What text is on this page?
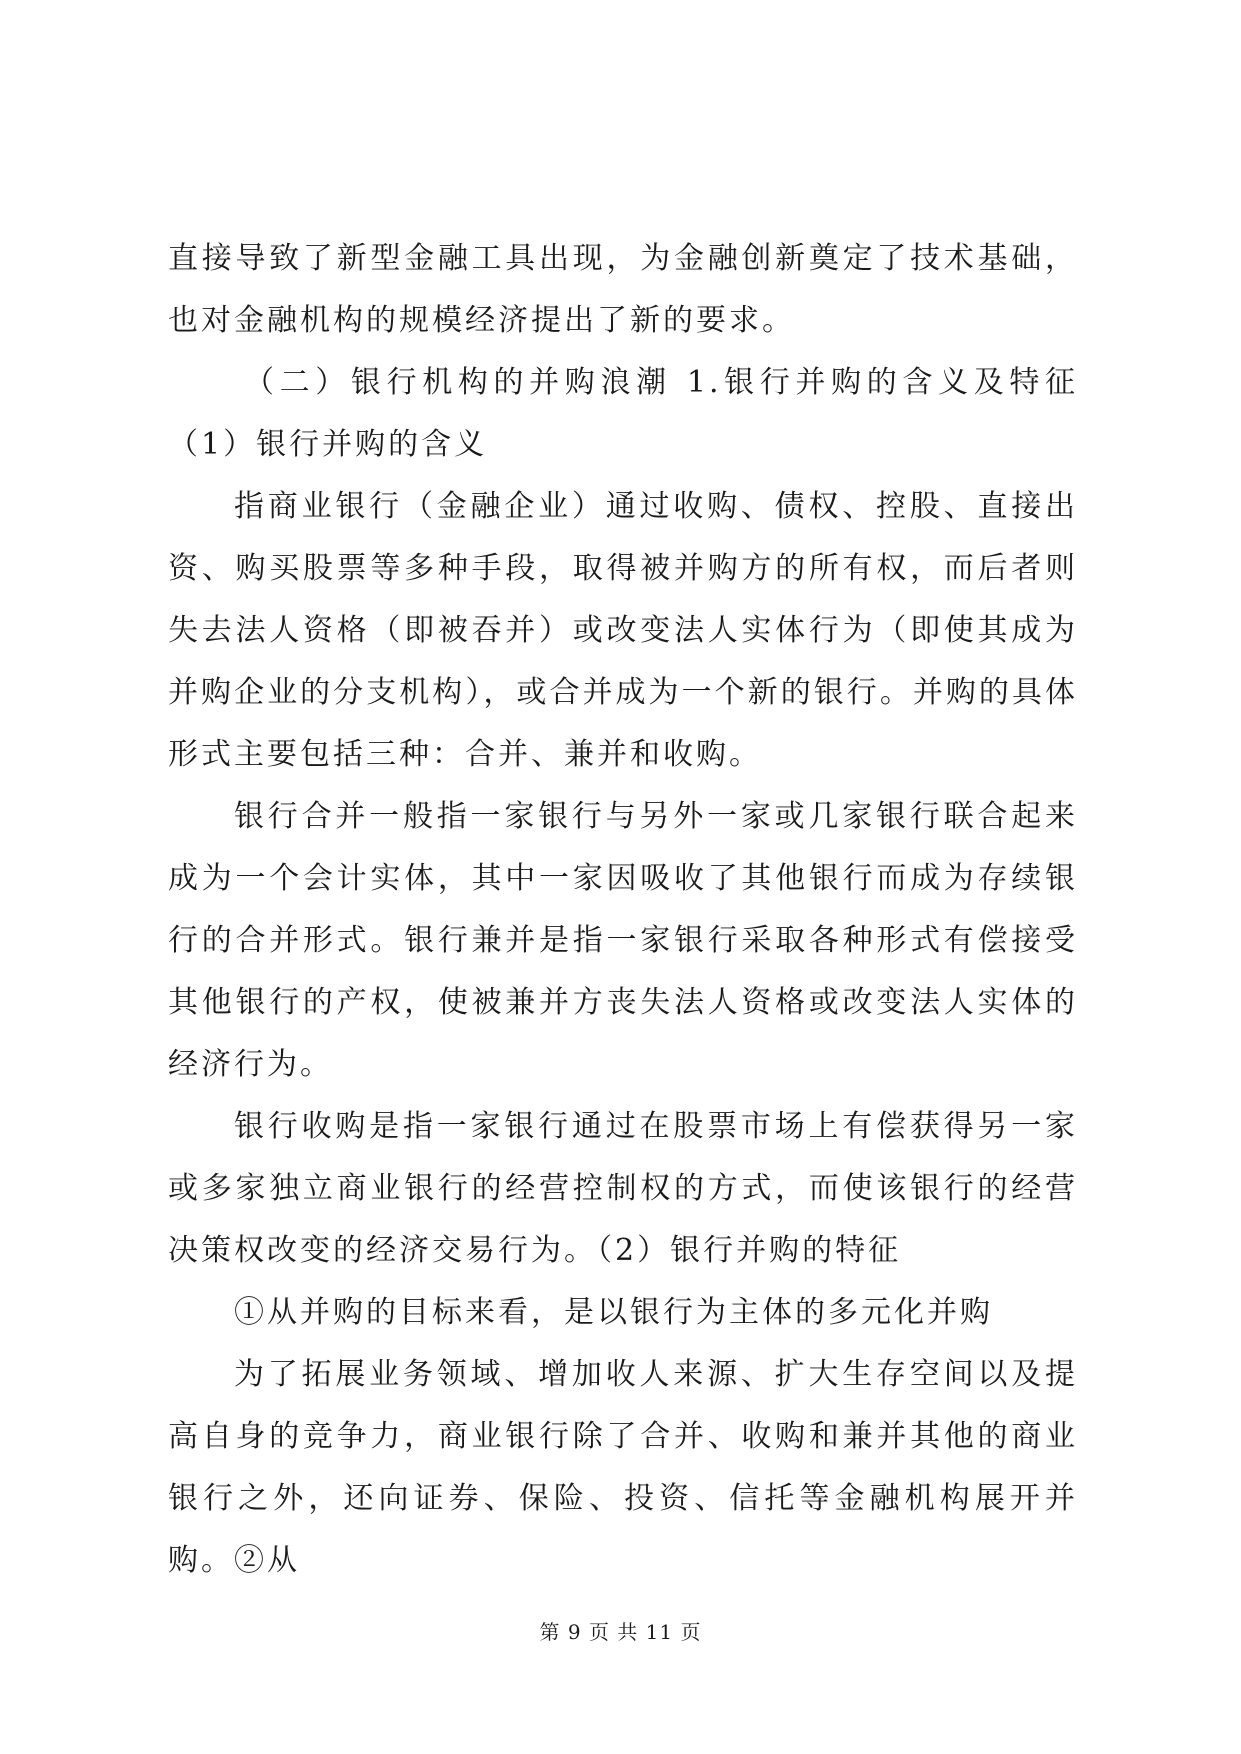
直接导致了新型金融工具出现，为金融创新奠定了技术基础，也对金融机构的规模经济提出了新的要求。

（二）银行机构的并购浪潮 1.银行并购的含义及特征（1）银行并购的含义

指商业银行（金融企业）通过收购、债权、控股、直接出资、购买股票等多种手段，取得被并购方的所有权，而后者则失去法人资格（即被吞并）或改变法人实体行为（即使其成为并购企业的分支机构），或合并成为一个新的银行。并购的具体形式主要包括三种：合并、兼并和收购。

银行合并一般指一家银行与另外一家或几家银行联合起来成为一个会计实体，其中一家因吸收了其他银行而成为存续银行的合并形式。银行兼并是指一家银行采取各种形式有偿接受其他银行的产权，使被兼并方丧失法人资格或改变法人实体的经济行为。

银行收购是指一家银行通过在股票市场上有偿获得另一家或多家独立商业银行的经营控制权的方式，而使该银行的经营决策权改变的经济交易行为。（2）银行并购的特征

①从并购的目标来看，是以银行为主体的多元化并购

为了拓展业务领域、增加收人来源、扩大生存空间以及提高自身的竞争力，商业银行除了合并、收购和兼并其他的商业银行之外，还向证券、保险、投资、信托等金融机构展开并购。②从

第 9 页 共 11 页
